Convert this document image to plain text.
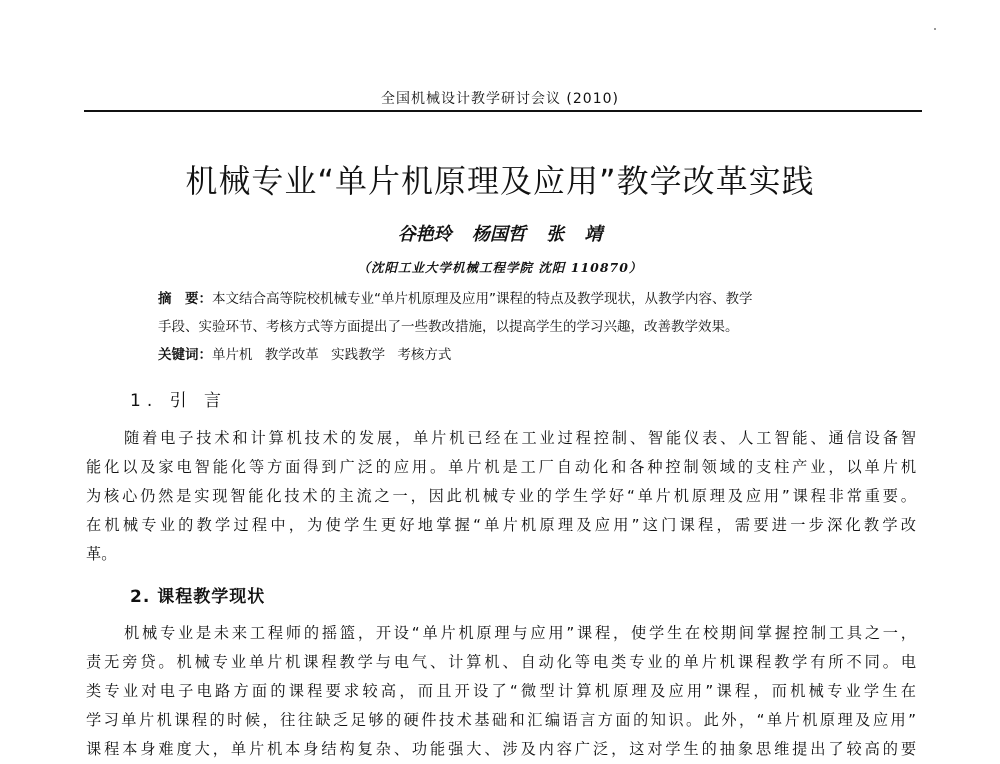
全国机械设计教学研讨会议 (2010)
机械专业“单片机原理及应用”教学改革实践
谷艳玲 杨国哲 张 靖
（沈阳工业大学机械工程学院 沈阳 110870）
摘　要：本文结合高等院校机械专业“单片机原理及应用”课程的特点及教学现状，从教学内容、教学
手段、实验环节、考核方式等方面提出了一些教改措施，以提高学生的学习兴趣，改善教学效果。
关键词：单片机 教学改革 实践教学 考核方式
1. 引 言
随着电子技术和计算机技术的发展，单片机已经在工业过程控制、智能仪表、人工智能、通信设备智
能化以及家电智能化等方面得到广泛的应用。单片机是工厂自动化和各种控制领域的支柱产业，以单片机
为核心仍然是实现智能化技术的主流之一，因此机械专业的学生学好“单片机原理及应用”课程非常重要。
在机械专业的教学过程中，为使学生更好地掌握“单片机原理及应用”这门课程，需要进一步深化教学改
革。
2. 课程教学现状
机械专业是未来工程师的摇篮，开设“单片机原理与应用”课程，使学生在校期间掌握控制工具之一，
责无旁贷。机械专业单片机课程教学与电气、计算机、自动化等电类专业的单片机课程教学有所不同。电
类专业对电子电路方面的课程要求较高，而且开设了“微型计算机原理及应用”课程，而机械专业学生在
学习单片机课程的时候，往往缺乏足够的硬件技术基础和汇编语言方面的知识。此外，“单片机原理及应用”
课程本身难度大，单片机本身结构复杂、功能强大、涉及内容广泛，这对学生的抽象思维提出了较高的要
